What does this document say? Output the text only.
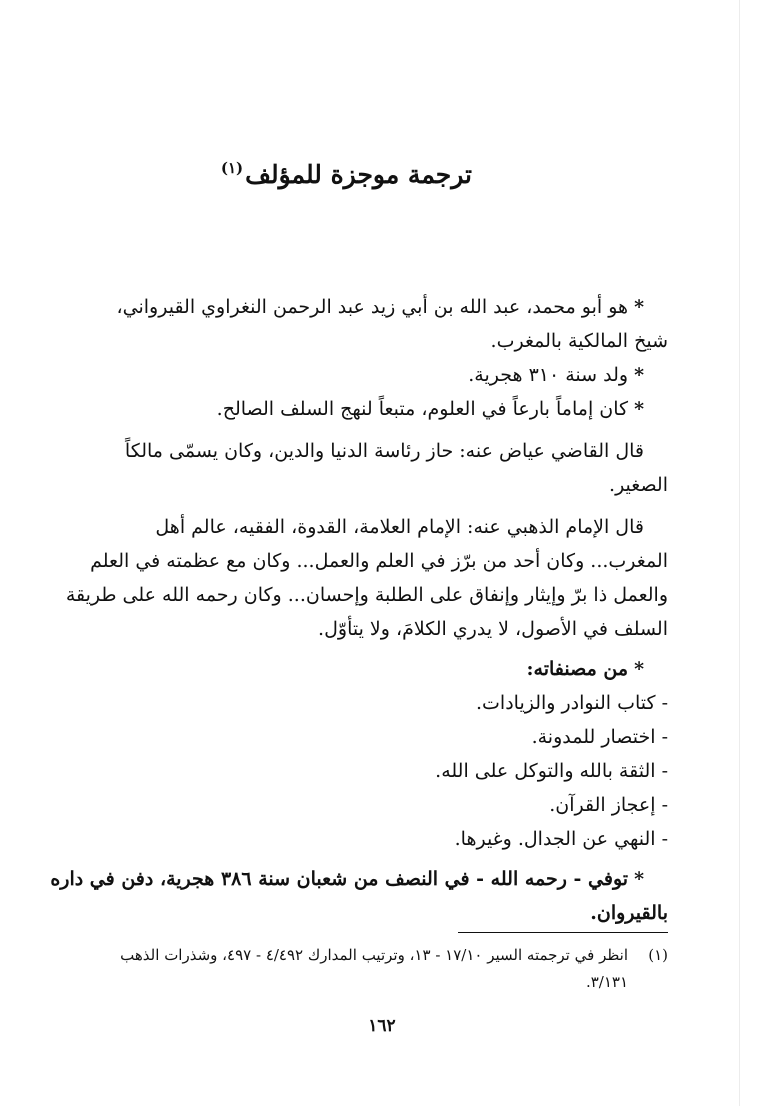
ترجمة موجزة للمؤلف$^{(١)}$
*هو أبو محمد، عبد الله بن أبي زيد عبد الرحمن النغراوي القيرواني،
شيخ المالكية بالمغرب.
*ولد سنة ٣١٠ هجرية.
*كان إماماً بارعاً في العلوم، متبعاً لنهج السلف الصالح.
قال القاضي عياض عنه: حاز رئاسة الدنيا والدين، وكان يسمّى مالكاً
الصغير.
قال الإمام الذهبي عنه: الإمام العلامة، القدوة، الفقيه، عالم أهل
المغرب... وكان أحد من برّز في العلم والعمل... وكان مع عظمته في العلم
والعمل ذا برّ وإيثار وإنفاق على الطلبة وإحسان... وكان رحمه الله على طريقة
السلف في الأصول، لا يدري الكلامَ، ولا يتأوّل.
*من مصنفاته:
- كتاب النوادر والزيادات.
- اختصار للمدونة.
- الثقة بالله والتوكل على الله.
- إعجاز القرآن.
- النهي عن الجدال. وغيرها.
*توفي - رحمه الله - في النصف من شعبان سنة ٣٨٦ هجرية، دفن في داره
بالقيروان.
(١)انظر في ترجمته السير ١٧/١٠ - ١٣، وترتيب المدارك ٤/٤٩٢ - ٤٩٧، وشذرات الذهب
٣/١٣١.
١٦٢
